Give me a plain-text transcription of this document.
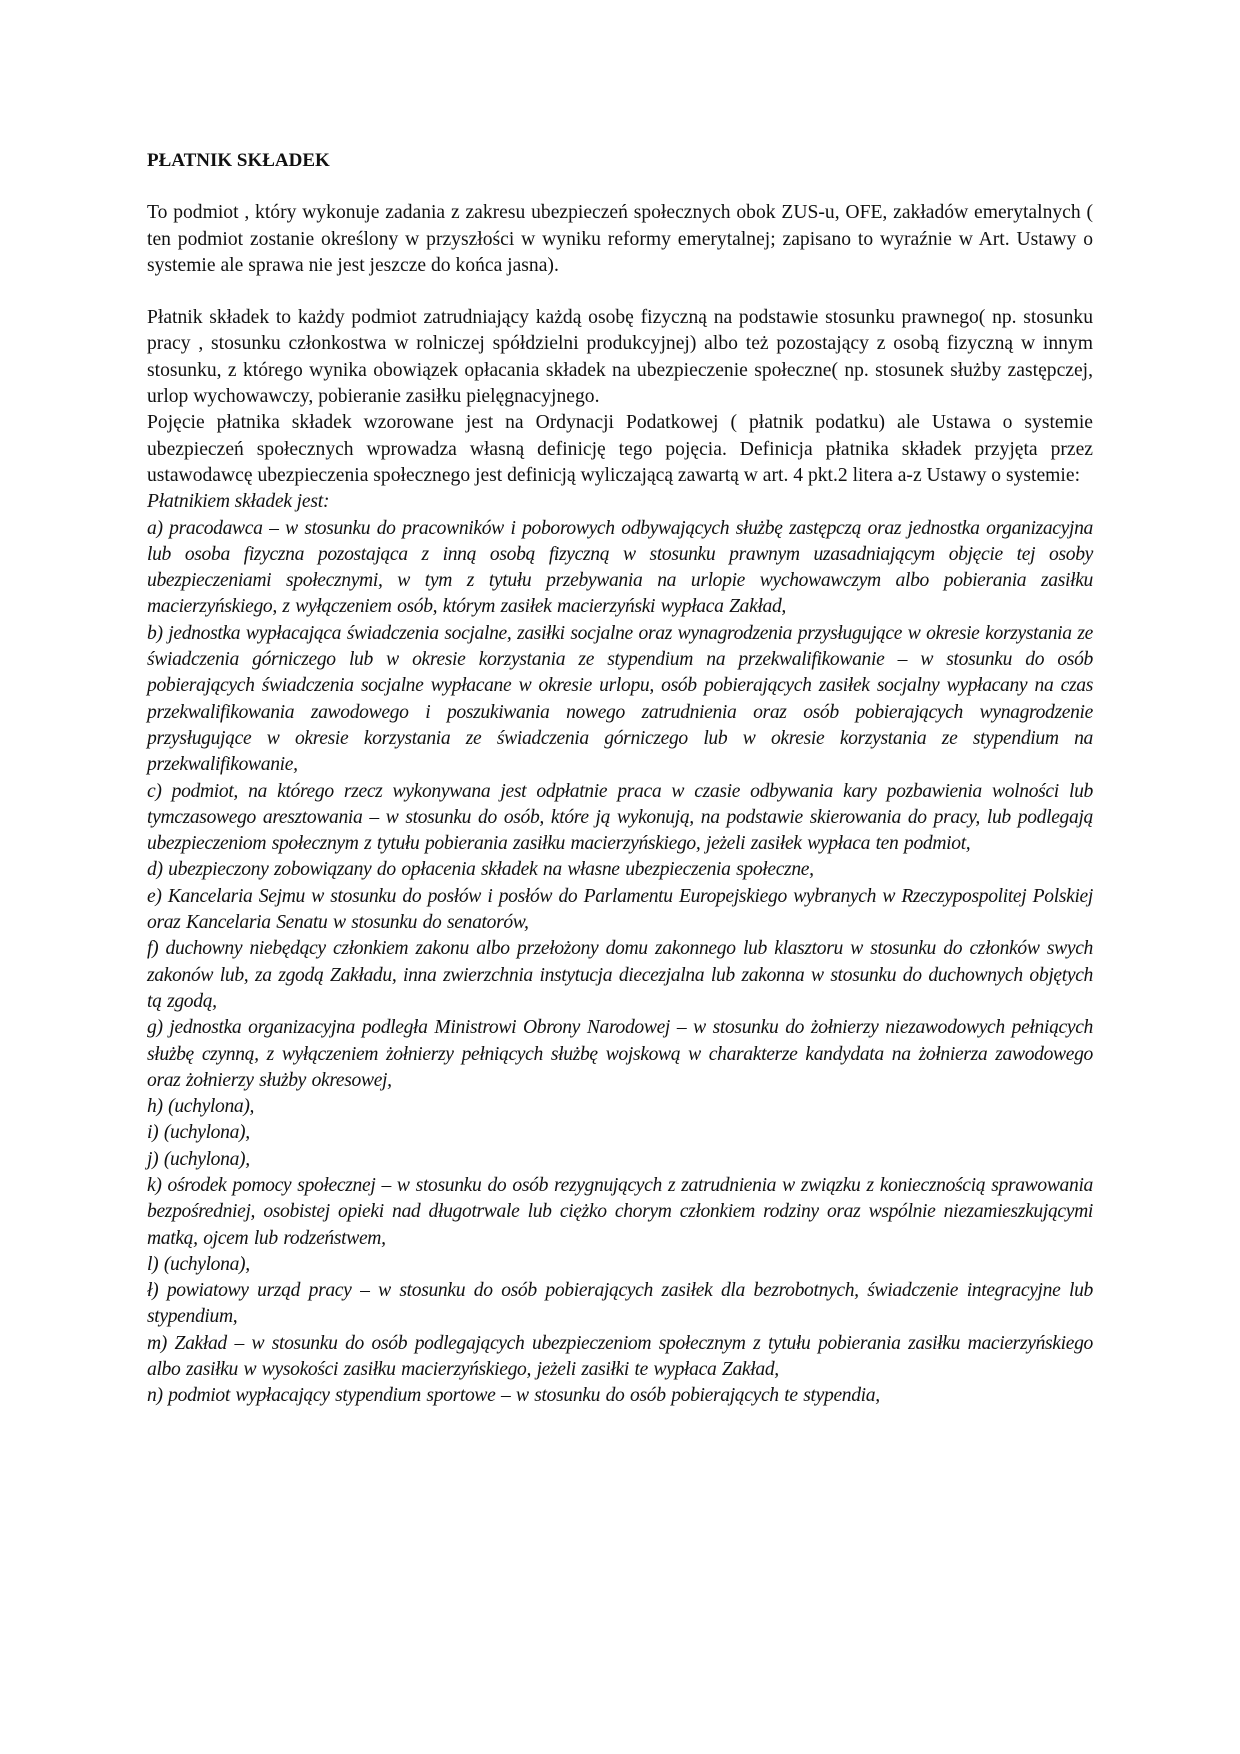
PŁATNIK SKŁADEK

To podmiot , który wykonuje zadania z zakresu ubezpieczeń społecznych obok ZUS-u, OFE, zakładów emerytalnych ( ten podmiot zostanie określony w przyszłości w wyniku reformy emerytalnej; zapisano to wyraźnie w Art. Ustawy o systemie ale sprawa nie jest jeszcze do końca jasna).

Płatnik składek to każdy podmiot zatrudniający każdą osobę fizyczną na podstawie stosunku prawnego( np. stosunku pracy , stosunku członkostwa w rolniczej spółdzielni produkcyjnej) albo też pozostający z osobą fizyczną w innym stosunku, z którego wynika obowiązek opłacania składek na ubezpieczenie społeczne( np. stosunek służby zastępczej, urlop wychowawczy, pobieranie zasiłku pielęgnacyjnego.

Pojęcie płatnika składek wzorowane jest na Ordynacji Podatkowej ( płatnik podatku) ale Ustawa o systemie ubezpieczeń społecznych wprowadza własną definicję tego pojęcia. Definicja płatnika składek przyjęta przez ustawodawcę ubezpieczenia społecznego jest definicją wyliczającą zawartą w art. 4 pkt.2 litera a-z Ustawy o systemie:

Płatnikiem składek jest:

a) pracodawca – w stosunku do pracowników i poborowych odbywających służbę zastępczą oraz jednostka organizacyjna lub osoba fizyczna pozostająca z inną osobą fizyczną w stosunku prawnym uzasadniającym objęcie tej osoby ubezpieczeniami społecznymi, w tym z tytułu przebywania na urlopie wychowawczym albo pobierania zasiłku macierzyńskiego, z wyłączeniem osób, którym zasiłek macierzyński wypłaca Zakład,
b) jednostka wypłacająca świadczenia socjalne, zasiłki socjalne oraz wynagrodzenia przysługujące w okresie korzystania ze świadczenia górniczego lub w okresie korzystania ze stypendium na przekwalifikowanie – w stosunku do osób pobierających świadczenia socjalne wypłacane w okresie urlopu, osób pobierających zasiłek socjalny wypłacany na czas przekwalifikowania zawodowego i poszukiwania nowego zatrudnienia oraz osób pobierających wynagrodzenie przysługujące w okresie korzystania ze świadczenia górniczego lub w okresie korzystania ze stypendium na przekwalifikowanie,
c) podmiot, na którego rzecz wykonywana jest odpłatnie praca w czasie odbywania kary pozbawienia wolności lub tymczasowego aresztowania – w stosunku do osób, które ją wykonują, na podstawie skierowania do pracy, lub podlegają ubezpieczeniom społecznym z tytułu pobierania zasiłku macierzyńskiego, jeżeli zasiłek wypłaca ten podmiot,
d) ubezpieczony zobowiązany do opłacenia składek na własne ubezpieczenia społeczne,
e) Kancelaria Sejmu w stosunku do posłów i posłów do Parlamentu Europejskiego wybranych w Rzeczypospolitej Polskiej oraz Kancelaria Senatu w stosunku do senatorów,
f) duchowny niebędący członkiem zakonu albo przełożony domu zakonnego lub klasztoru w stosunku do członków swych zakonów lub, za zgodą Zakładu, inna zwierzchnia instytucja diecezjalna lub zakonna w stosunku do duchownych objętych tą zgodą,
g) jednostka organizacyjna podległa Ministrowi Obrony Narodowej – w stosunku do żołnierzy niezawodowych pełniących służbę czynną, z wyłączeniem żołnierzy pełniących służbę wojskową w charakterze kandydata na żołnierza zawodowego oraz żołnierzy służby okresowej,
h) (uchylona),
i) (uchylona),
j) (uchylona),
k) ośrodek pomocy społecznej – w stosunku do osób rezygnujących z zatrudnienia w związku z koniecznością sprawowania bezpośredniej, osobistej opieki nad długotrwale lub ciężko chorym członkiem rodziny oraz wspólnie niezamieszkującymi matką, ojcem lub rodzeństwem,
l) (uchylona),
ł) powiatowy urząd pracy – w stosunku do osób pobierających zasiłek dla bezrobotnych, świadczenie integracyjne lub stypendium,
m) Zakład – w stosunku do osób podlegających ubezpieczeniom społecznym z tytułu pobierania zasiłku macierzyńskiego albo zasiłku w wysokości zasiłku macierzyńskiego, jeżeli zasiłki te wypłaca Zakład,
n) podmiot wypłacający stypendium sportowe – w stosunku do osób pobierających te stypendia,
